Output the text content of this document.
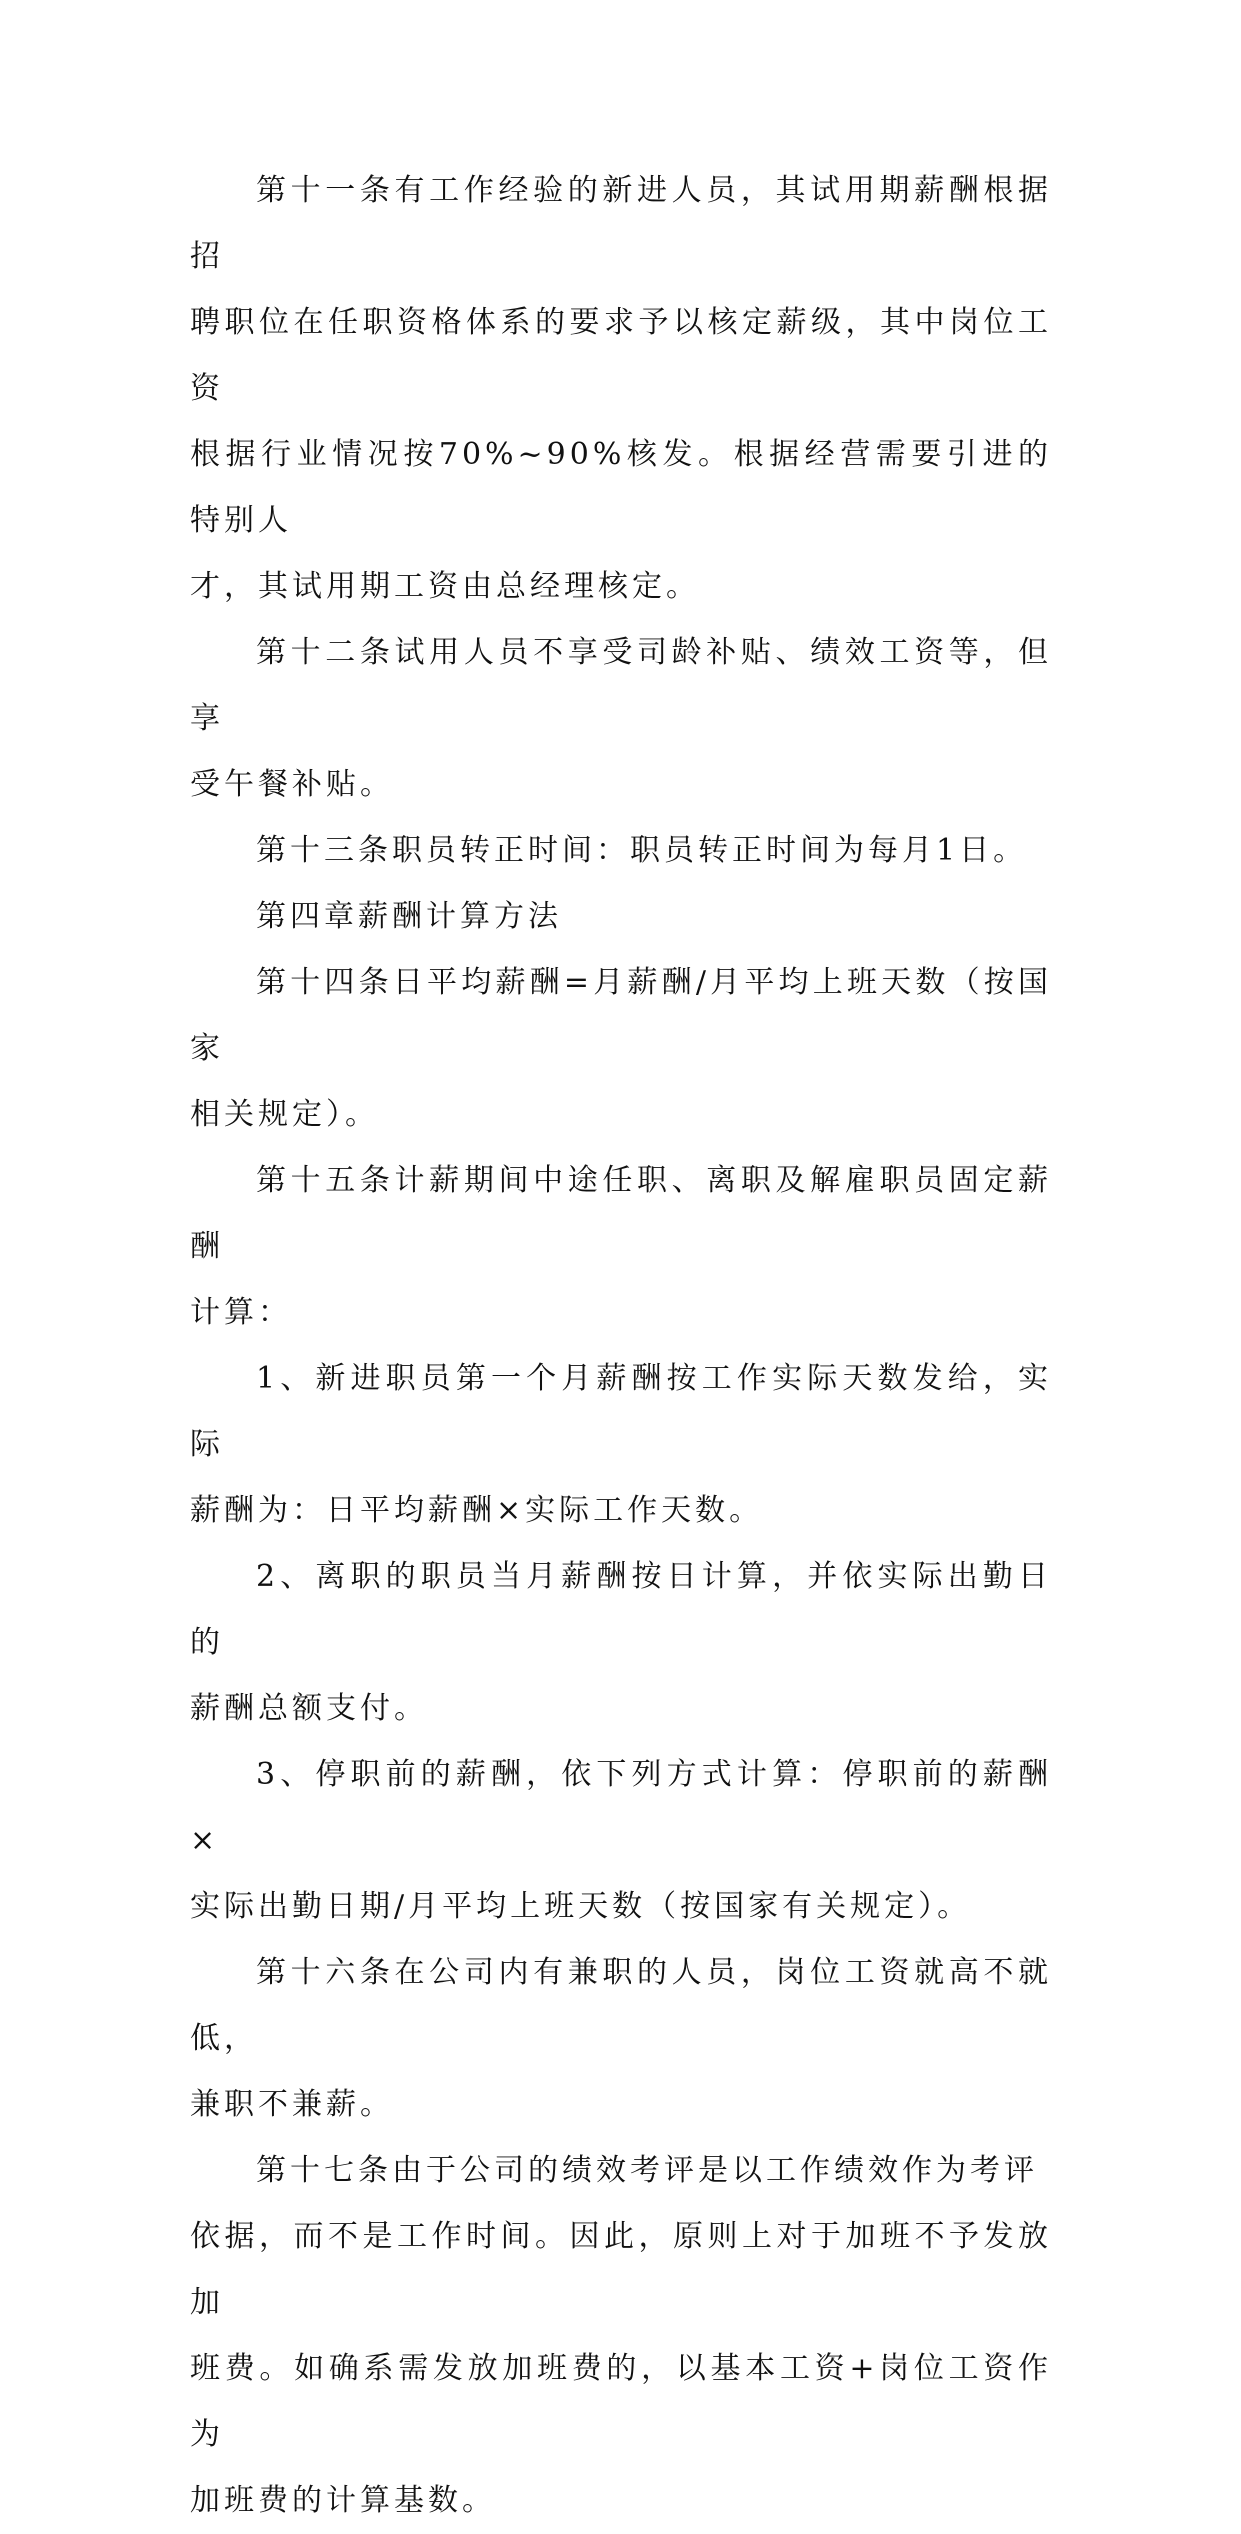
第十一条有工作经验的新进人员，其试用期薪酬根据招
聘职位在任职资格体系的要求予以核定薪级，其中岗位工资
根据行业情况按70%~90%核发。根据经营需要引进的特别人
才，其试用期工资由总经理核定。

第十二条试用人员不享受司龄补贴、绩效工资等，但享
受午餐补贴。

第十三条职员转正时间：职员转正时间为每月1日。

第四章薪酬计算方法

第十四条日平均薪酬=月薪酬/月平均上班天数（按国家
相关规定）。

第十五条计薪期间中途任职、离职及解雇职员固定薪酬
计算：

1、新进职员第一个月薪酬按工作实际天数发给，实际
薪酬为：日平均薪酬×实际工作天数。

2、离职的职员当月薪酬按日计算，并依实际出勤日的
薪酬总额支付。

3、停职前的薪酬，依下列方式计算：停职前的薪酬×
实际出勤日期/月平均上班天数（按国家有关规定）。

第十六条在公司内有兼职的人员，岗位工资就高不就低，
兼职不兼薪。

第十七条由于公司的绩效考评是以工作绩效作为考评
依据，而不是工作时间。因此，原则上对于加班不予发放加
班费。如确系需发放加班费的，以基本工资+岗位工资作为
加班费的计算基数。
